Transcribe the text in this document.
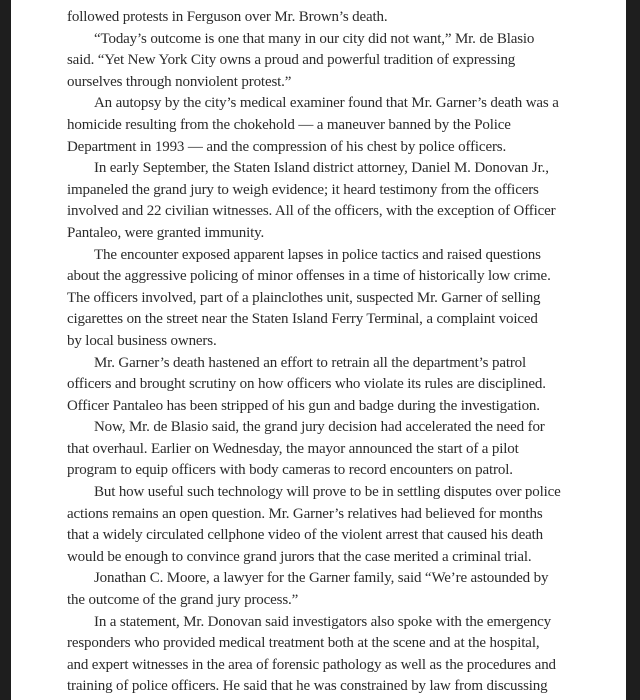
followed protests in Ferguson over Mr. Brown’s death.
“Today’s outcome is one that many in our city did not want,” Mr. de Blasio
said. “Yet New York City owns a proud and powerful tradition of expressing
ourselves through nonviolent protest.”
An autopsy by the city’s medical examiner found that Mr. Garner’s death was a
homicide resulting from the chokehold — a maneuver banned by the Police
Department in 1993 — and the compression of his chest by police officers.
In early September, the Staten Island district attorney, Daniel M. Donovan Jr.,
impaneled the grand jury to weigh evidence; it heard testimony from the officers
involved and 22 civilian witnesses. All of the officers, with the exception of Officer
Pantaleo, were granted immunity.
The encounter exposed apparent lapses in police tactics and raised questions
about the aggressive policing of minor offenses in a time of historically low crime.
The officers involved, part of a plainclothes unit, suspected Mr. Garner of selling
cigarettes on the street near the Staten Island Ferry Terminal, a complaint voiced
by local business owners.
Mr. Garner’s death hastened an effort to retrain all the department’s patrol
officers and brought scrutiny on how officers who violate its rules are disciplined.
Officer Pantaleo has been stripped of his gun and badge during the investigation.
Now, Mr. de Blasio said, the grand jury decision had accelerated the need for
that overhaul. Earlier on Wednesday, the mayor announced the start of a pilot
program to equip officers with body cameras to record encounters on patrol.
But how useful such technology will prove to be in settling disputes over police
actions remains an open question. Mr. Garner’s relatives had believed for months
that a widely circulated cellphone video of the violent arrest that caused his death
would be enough to convince grand jurors that the case merited a criminal trial.
Jonathan C. Moore, a lawyer for the Garner family, said “We’re astounded by
the outcome of the grand jury process.”
In a statement, Mr. Donovan said investigators also spoke with the emergency
responders who provided medical treatment both at the scene and at the hospital,
and expert witnesses in the area of forensic pathology as well as the procedures and
training of police officers. He said that he was constrained by law from discussing
